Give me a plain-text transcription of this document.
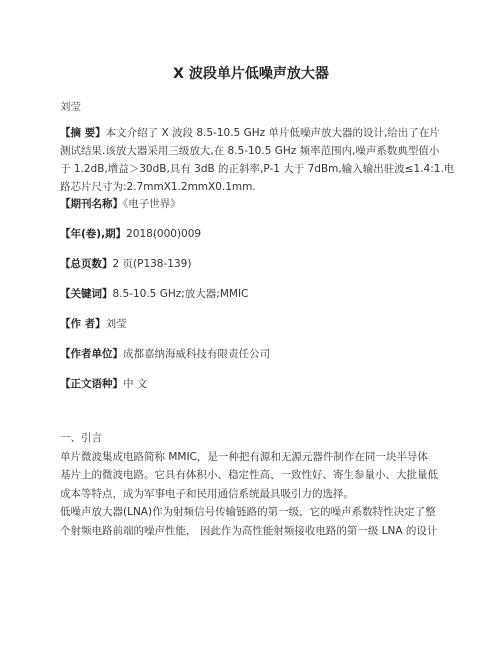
X 波段单片低噪声放大器
刘莹
【摘 要】本文介绍了 X 波段 8.5-10.5 GHz 单片低噪声放大器的设计,给出了在片
测试结果.该放大器采用三级放大,在 8.5-10.5 GHz 频率范围内,噪声系数典型值小
于 1.2dB,增益＞30dB,具有 3dB 的正斜率,P-1 大于 7dBm,输入输出驻波≤1.4:1.电
路芯片尺寸为:2.7mmX1.2mmX0.1mm.
【期刊名称】《电子世界》
【年(卷),期】2018(000)009
【总页数】2 页(P138-139)
【关键词】8.5-10.5 GHz;放大器;MMIC
【作 者】刘莹
【作者单位】成都嘉纳海威科技有限责任公司
【正文语种】中 文
一、引言
单片微波集成电路简称 MMIC，是一种把有源和无源元器件制作在同一块半导体
基片上的微波电路。它具有体积小、稳定性高、一致性好、寄生参量小、大批量低
成本等特点，成为军事电子和民用通信系统最具吸引力的选择。
低噪声放大器(LNA)作为射频信号传输链路的第一级，它的噪声系数特性决定了整
个射频电路前端的噪声性能， 因此作为高性能射频接收电路的第一级 LNA 的设计
